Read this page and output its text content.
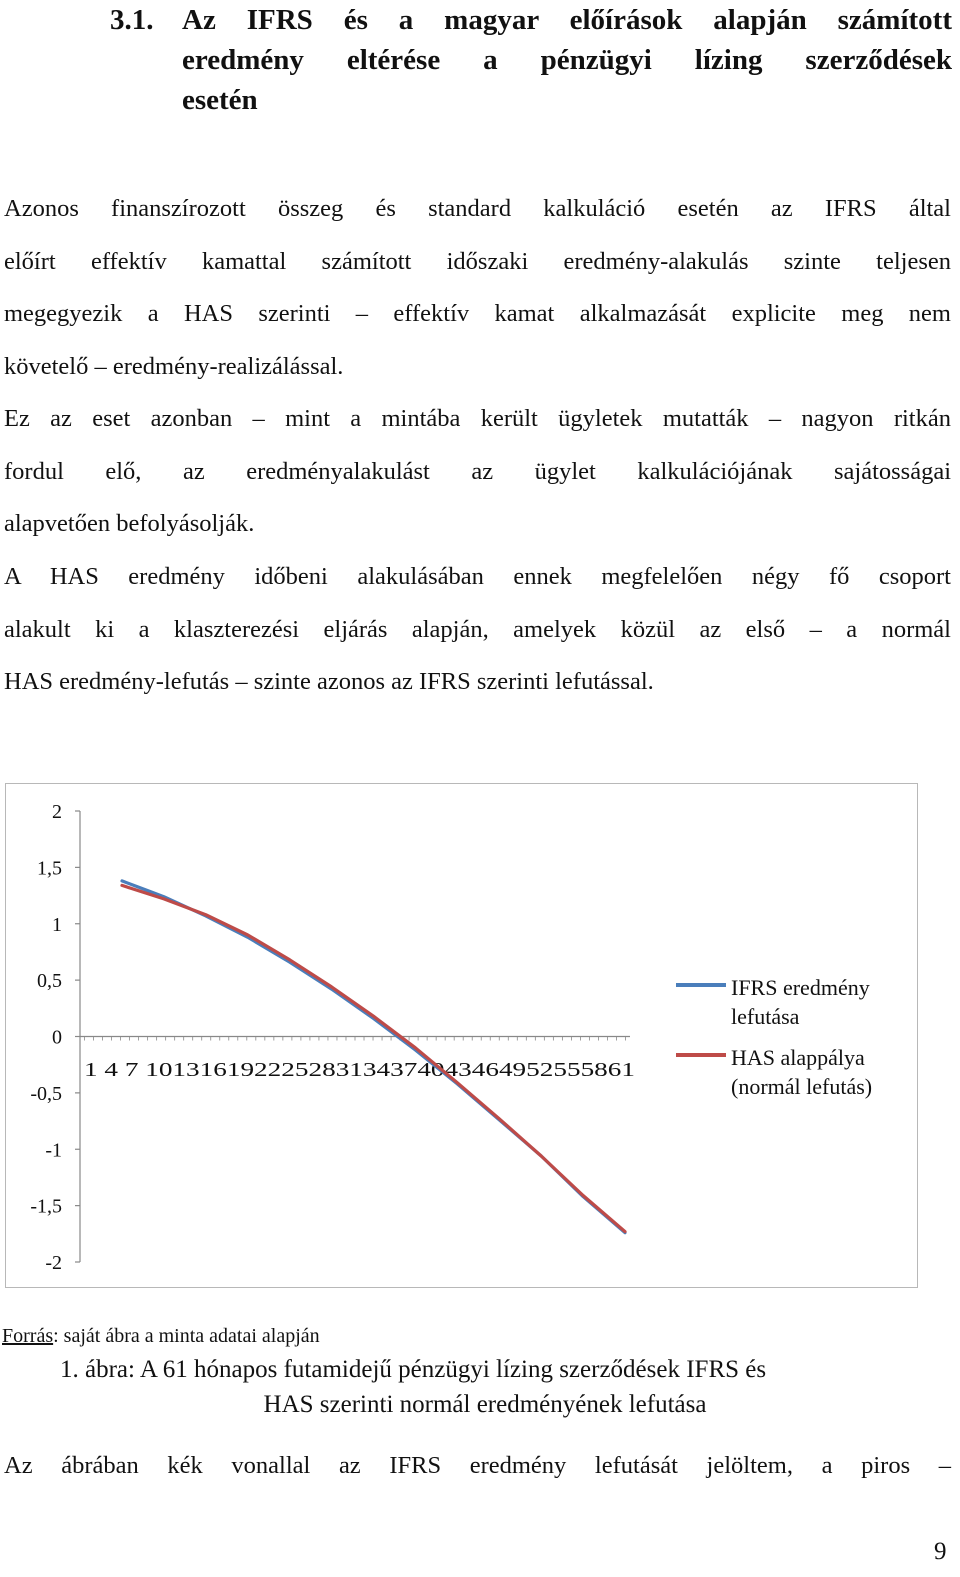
3.1. Az IFRS és a magyar előírások alapján számított
eredmény eltérése a pénzügyi lízing szerződések
esetén
Azonos finanszírozott összeg és standard kalkuláció esetén az IFRS által
előírt effektív kamattal számított időszaki eredmény-alakulás szinte teljesen
megegyezik a HAS szerinti – effektív kamat alkalmazását explicite meg nem
követelő – eredmény-realizálással.
Ez az eset azonban – mint a mintába került ügyletek mutatták – nagyon ritkán
fordul elő, az eredményalakulást az ügylet kalkulációjának sajátosságai
alapvetően befolyásolják.
A HAS eredmény időbeni alakulásában ennek megfelelően négy fő csoport
alakult ki a klaszterezési eljárás alapján, amelyek közül az első – a normál
HAS eredmény-lefutás – szinte azonos az IFRS szerinti lefutással.
2
1,5
1
0,5
0
-0,5
-1
-1,5
-2
1 4 7 101316192225283134374043464952555861
IFRS eredmény
lefutása
HAS alappálya
(normál lefutás)
Forrás: saját ábra a minta adatai alapján
1. ábra: A 61 hónapos futamidejű pénzügyi lízing szerződések IFRS és
HAS szerinti normál eredményének lefutása
Az ábrában kék vonallal az IFRS eredmény lefutását jelöltem, a piros –
9
